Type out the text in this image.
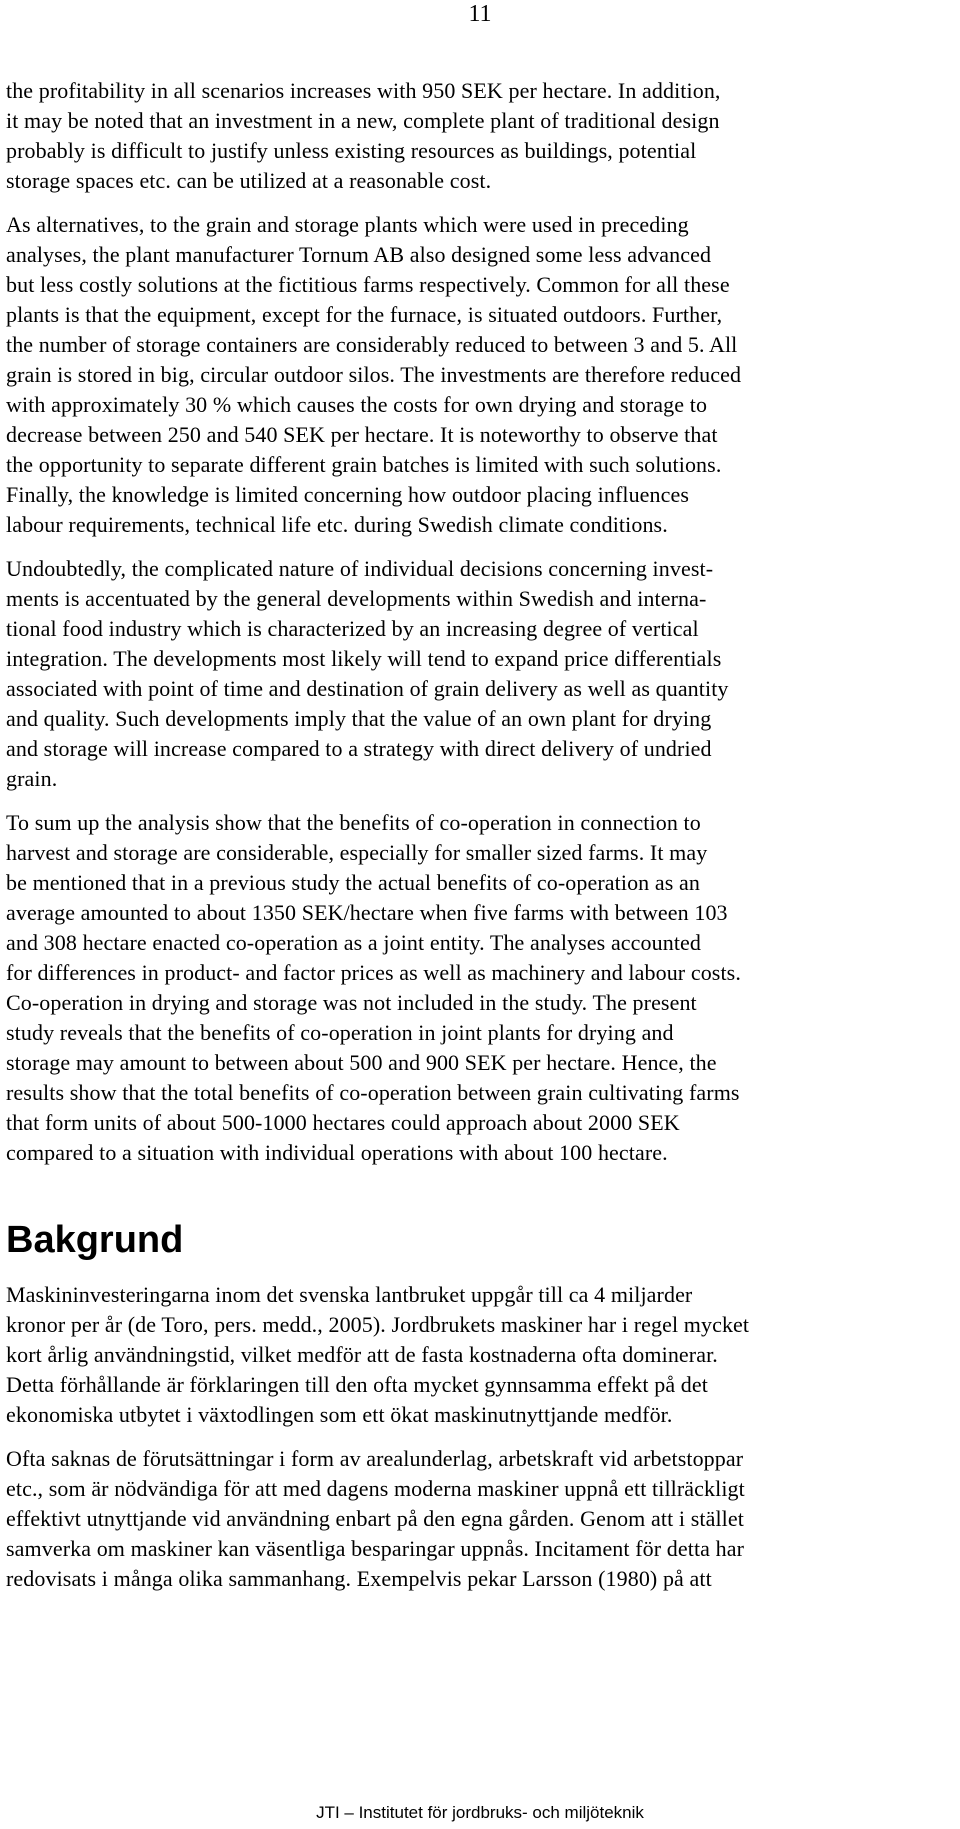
11

the profitability in all scenarios increases with 950 SEK per hectare. In addition,
it may be noted that an investment in a new, complete plant of traditional design
probably is difficult to justify unless existing resources as buildings, potential
storage spaces etc. can be utilized at a reasonable cost.

As alternatives, to the grain and storage plants which were used in preceding
analyses, the plant manufacturer Tornum AB also designed some less advanced
but less costly solutions at the fictitious farms respectively. Common for all these
plants is that the equipment, except for the furnace, is situated outdoors. Further,
the number of storage containers are considerably reduced to between 3 and 5. All
grain is stored in big, circular outdoor silos. The investments are therefore reduced
with approximately 30 % which causes the costs for own drying and storage to
decrease between 250 and 540 SEK per hectare. It is noteworthy to observe that
the opportunity to separate different grain batches is limited with such solutions.
Finally, the knowledge is limited concerning how outdoor placing influences
labour requirements, technical life etc. during Swedish climate conditions.

Undoubtedly, the complicated nature of individual decisions concerning invest-
ments is accentuated by the general developments within Swedish and interna-
tional food industry which is characterized by an increasing degree of vertical
integration. The developments most likely will tend to expand price differentials
associated with point of time and destination of grain delivery as well as quantity
and quality. Such developments imply that the value of an own plant for drying
and storage will increase compared to a strategy with direct delivery of undried
grain.

To sum up the analysis show that the benefits of co-operation in connection to
harvest and storage are considerable, especially for smaller sized farms. It may
be mentioned that in a previous study the actual benefits of co-operation as an
average amounted to about 1350 SEK/hectare when five farms with between 103
and 308 hectare enacted co-operation as a joint entity. The analyses accounted
for differences in product- and factor prices as well as machinery and labour costs.
Co-operation in drying and storage was not included in the study. The present
study reveals that the benefits of co-operation in joint plants for drying and
storage may amount to between about 500 and 900 SEK per hectare. Hence, the
results show that the total benefits of co-operation between grain cultivating farms
that form units of about 500-1000 hectares could approach about 2000 SEK
compared to a situation with individual operations with about 100 hectare.

Bakgrund

Maskininvesteringarna inom det svenska lantbruket uppgår till ca 4 miljarder
kronor per år (de Toro, pers. medd., 2005). Jordbrukets maskiner har i regel mycket
kort årlig användningstid, vilket medför att de fasta kostnaderna ofta dominerar.
Detta förhållande är förklaringen till den ofta mycket gynnsamma effekt på det
ekonomiska utbytet i växtodlingen som ett ökat maskinutnyttjande medför.

Ofta saknas de förutsättningar i form av arealunderlag, arbetskraft vid arbetstoppar
etc., som är nödvändiga för att med dagens moderna maskiner uppnå ett tillräckligt
effektivt utnyttjande vid användning enbart på den egna gården. Genom att i stället
samverka om maskiner kan väsentliga besparingar uppnås. Incitament för detta har
redovisats i många olika sammanhang. Exempelvis pekar Larsson (1980) på att

JTI – Institutet för jordbruks- och miljöteknik
